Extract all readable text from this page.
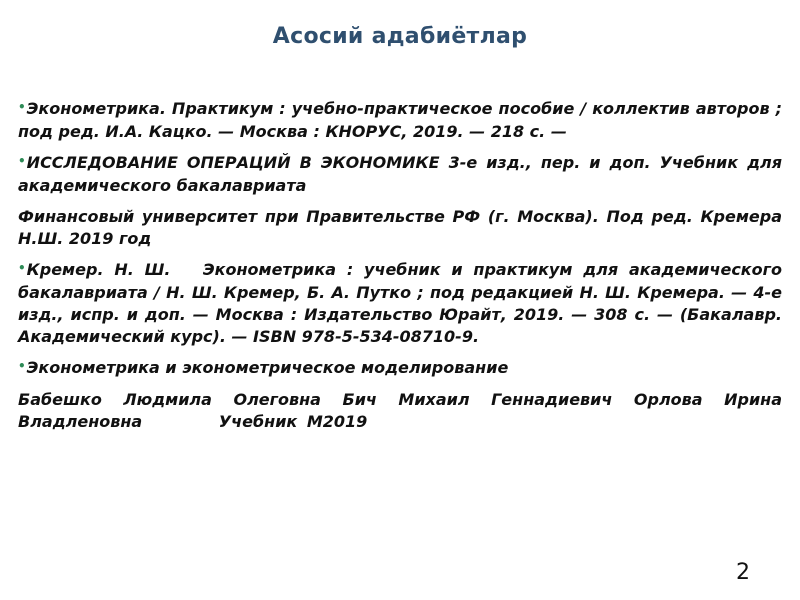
Асосий адабиётлар

•Эконометрика. Практикум : учебно-практическое пособие / коллектив авторов ; под ред. И.А. Кацко. — Москва : КНОРУС, 2019. — 218 с. —

•ИССЛЕДОВАНИЕ ОПЕРАЦИЙ В ЭКОНОМИКЕ 3-е изд., пер. и доп. Учебник для академического бакалавриата

Финансовый университет при Правительстве РФ (г. Москва). Под ред. Кремера Н.Ш. 2019 год

•Кремер. Н. Ш.   Эконометрика : учебник и практикум для академического бакалавриата / Н. Ш. Кремер, Б. А. Путко ; под редакцией Н. Ш. Кремера. — 4-е изд., испр. и доп. — Москва : Издательство Юрайт, 2019. — 308 с. — (Бакалавр. Академический курс). — ISBN 978-5-534-08710-9.

•Эконометрика и эконометрическое моделирование

Бабешко Людмила Олеговна Бич Михаил Геннадиевич Орлова Ирина Владленовна        Учебник М2019

2
